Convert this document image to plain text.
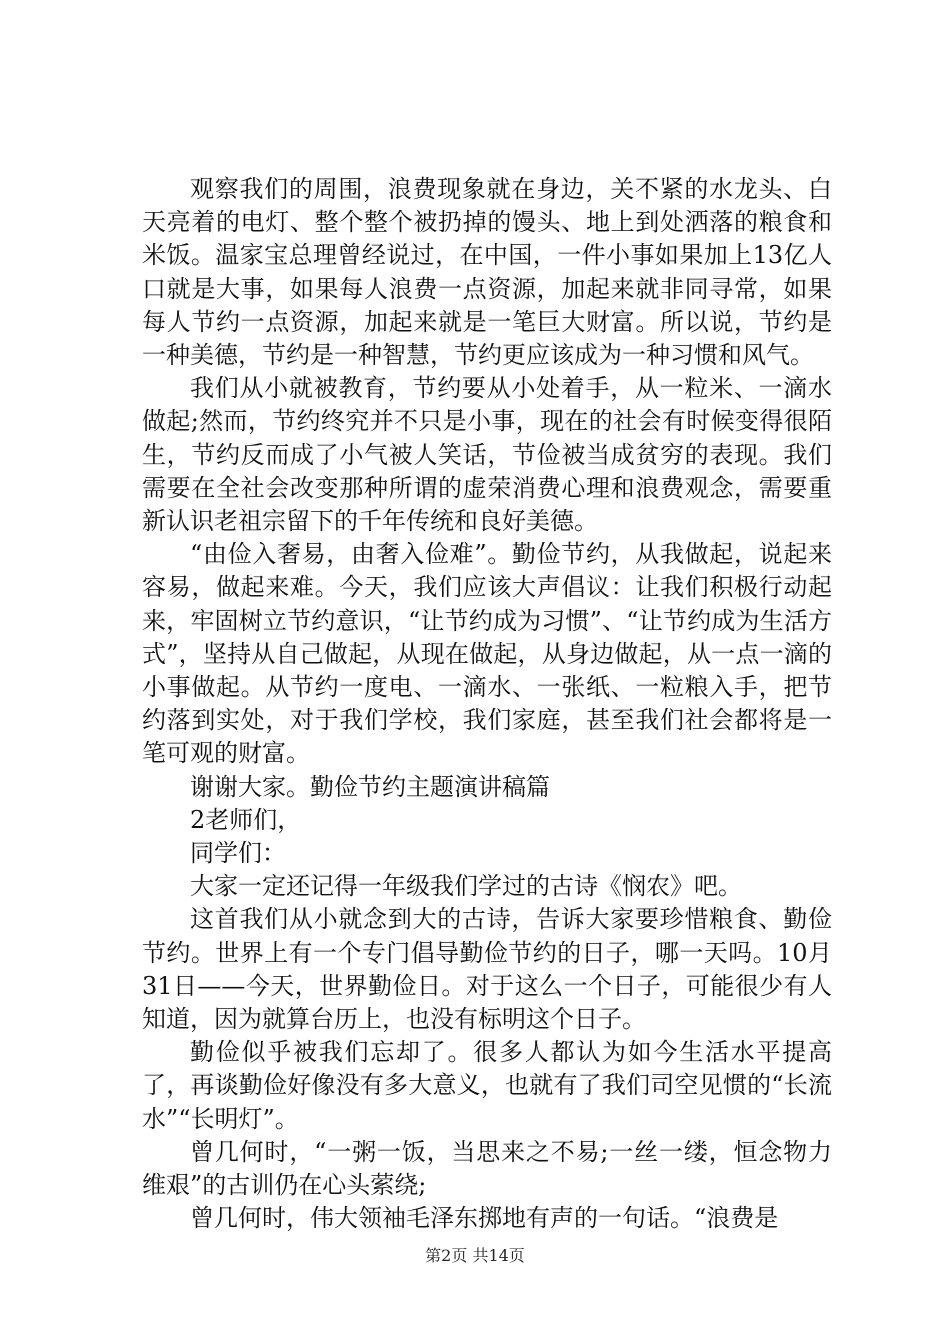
观察我们的周围，浪费现象就在身边，关不紧的水龙头、白天亮着的电灯、整个整个被扔掉的馒头、地上到处洒落的粮食和米饭。温家宝总理曾经说过，在中国，一件小事如果加上13亿人口就是大事，如果每人浪费一点资源，加起来就非同寻常，如果每人节约一点资源，加起来就是一笔巨大财富。所以说，节约是一种美德，节约是一种智慧，节约更应该成为一种习惯和风气。

我们从小就被教育，节约要从小处着手，从一粒米、一滴水做起;然而，节约终究并不只是小事，现在的社会有时候变得很陌生，节约反而成了小气被人笑话，节俭被当成贫穷的表现。我们需要在全社会改变那种所谓的虚荣消费心理和浪费观念，需要重新认识老祖宗留下的千年传统和良好美德。

“由俭入奢易，由奢入俭难”。勤俭节约，从我做起，说起来容易，做起来难。今天，我们应该大声倡议：让我们积极行动起来，牢固树立节约意识，“让节约成为习惯”、“让节约成为生活方式”，坚持从自己做起，从现在做起，从身边做起，从一点一滴的小事做起。从节约一度电、一滴水、一张纸、一粒粮入手，把节约落到实处，对于我们学校，我们家庭，甚至我们社会都将是一笔可观的财富。

谢谢大家。勤俭节约主题演讲稿篇

2老师们，

同学们：

大家一定还记得一年级我们学过的古诗《悯农》吧。

这首我们从小就念到大的古诗，告诉大家要珍惜粮食、勤俭节约。世界上有一个专门倡导勤俭节约的日子，哪一天吗。10月31日——今天，世界勤俭日。对于这么一个日子，可能很少有人知道，因为就算台历上，也没有标明这个日子。

勤俭似乎被我们忘却了。很多人都认为如今生活水平提高了，再谈勤俭好像没有多大意义，也就有了我们司空见惯的“长流水”“长明灯”。

曾几何时，“一粥一饭，当思来之不易;一丝一缕，恒念物力维艰”的古训仍在心头萦绕;

曾几何时，伟大领袖毛泽东掷地有声的一句话。“浪费是

第2页 共14页
